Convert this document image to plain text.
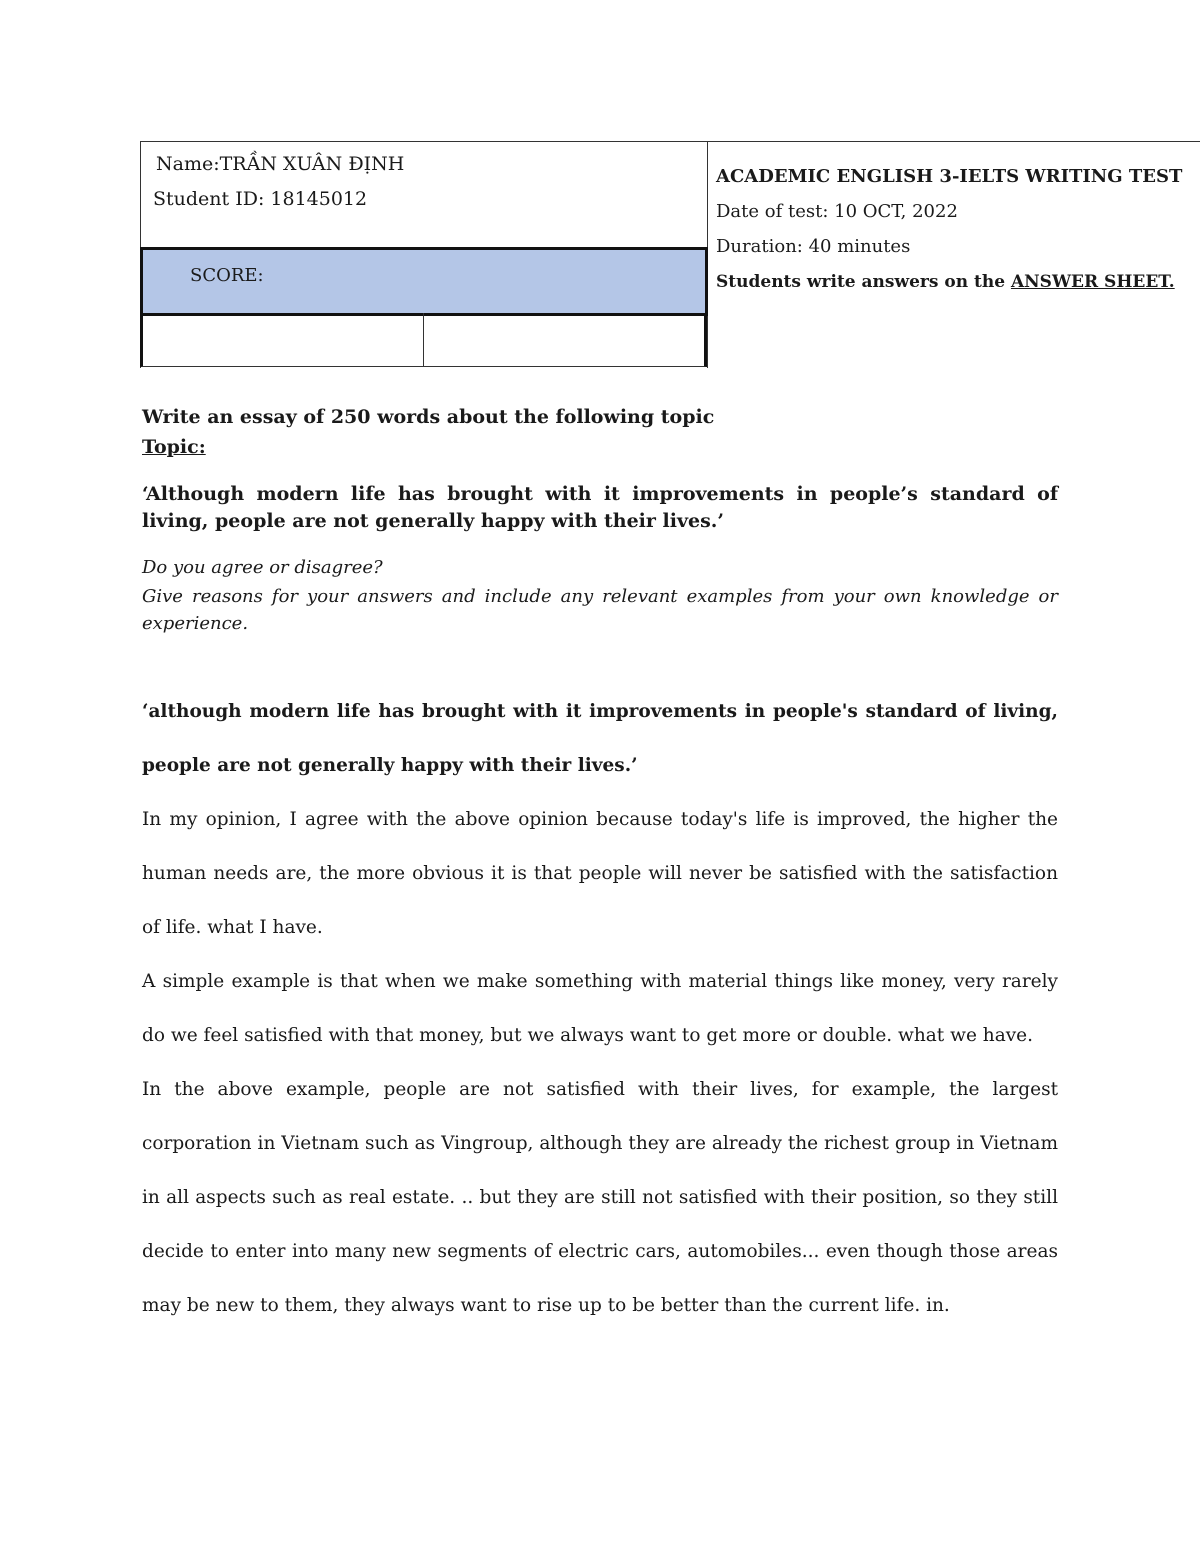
Name:TRẦN XUÂN ĐỊNH
Student ID: 18145012
SCORE:
ACADEMIC ENGLISH 3-IELTS WRITING TEST
Date of test: 10 OCT, 2022
Duration: 40 minutes
Students write answers on the ANSWER SHEET.
Write an essay of 250 words about the following topic
Topic:
‘Although modern life has brought with it improvements in people’s standard of living, people are not generally happy with their lives.’
Do you agree or disagree?
Give reasons for your answers and include any relevant examples from your own knowledge or experience.

‘although modern life has brought with it improvements in people's standard of living, people are not generally happy with their lives.’

In my opinion, I agree with the above opinion because today's life is improved, the higher the human needs are, the more obvious it is that people will never be satisfied with the satisfaction of life. what I have.

A simple example is that when we make something with material things like money, very rarely do we feel satisfied with that money, but we always want to get more or double. what we have.

In the above example, people are not satisfied with their lives, for example, the largest corporation in Vietnam such as Vingroup, although they are already the richest group in Vietnam in all aspects such as real estate. .. but they are still not satisfied with their position, so they still decide to enter into many new segments of electric cars, automobiles... even though those areas may be new to them, they always want to rise up to be better than the current life. in.
